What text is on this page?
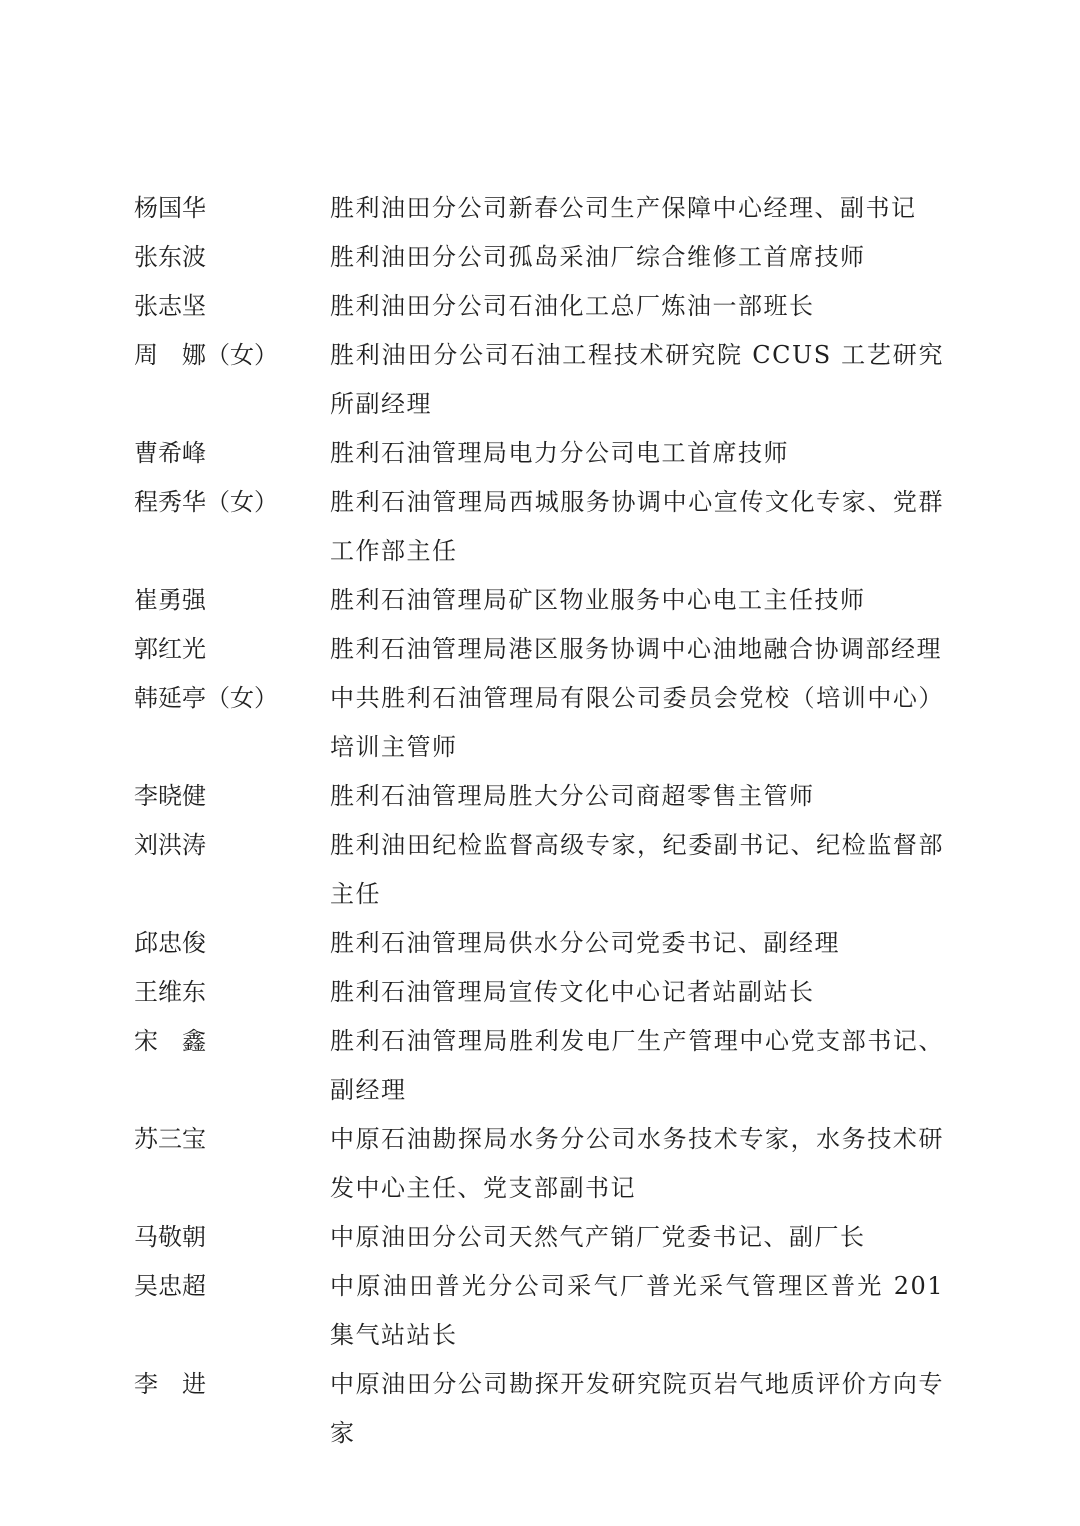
杨国华	胜利油田分公司新春公司生产保障中心经理、副书记
张东波	胜利油田分公司孤岛采油厂综合维修工首席技师
张志坚	胜利油田分公司石油化工总厂炼油一部班长
周　娜（女）	胜利油田分公司石油工程技术研究院 CCUS 工艺研究所副经理
曹希峰	胜利石油管理局电力分公司电工首席技师
程秀华（女）	胜利石油管理局西城服务协调中心宣传文化专家、党群工作部主任
崔勇强	胜利石油管理局矿区物业服务中心电工主任技师
郭红光	胜利石油管理局港区服务协调中心油地融合协调部经理
韩延亭（女）	中共胜利石油管理局有限公司委员会党校（培训中心）培训主管师
李晓健	胜利石油管理局胜大分公司商超零售主管师
刘洪涛	胜利油田纪检监督高级专家，纪委副书记、纪检监督部主任
邱忠俊	胜利石油管理局供水分公司党委书记、副经理
王维东	胜利石油管理局宣传文化中心记者站副站长
宋　鑫	胜利石油管理局胜利发电厂生产管理中心党支部书记、副经理
苏三宝	中原石油勘探局水务分公司水务技术专家，水务技术研发中心主任、党支部副书记
马敬朝	中原油田分公司天然气产销厂党委书记、副厂长
吴忠超	中原油田普光分公司采气厂普光采气管理区普光 201 集气站站长
李　进	中原油田分公司勘探开发研究院页岩气地质评价方向专家
